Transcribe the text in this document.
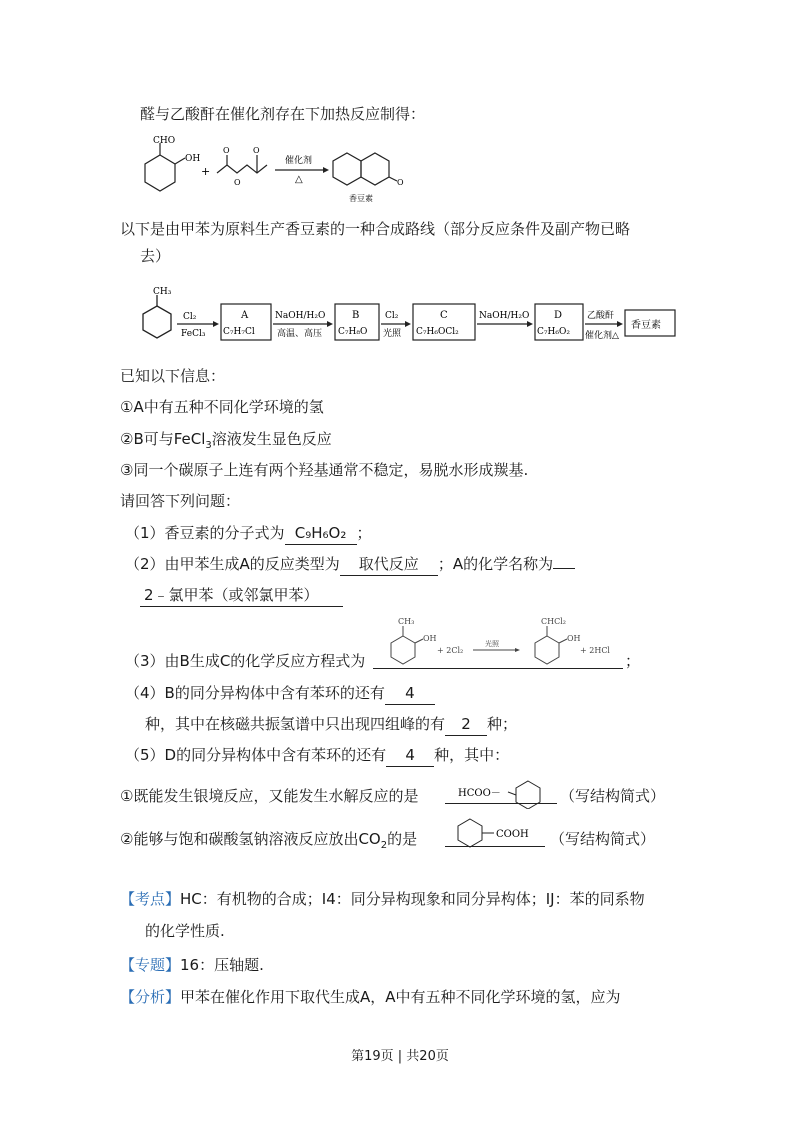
醛与乙酸酐在催化剂存在下加热反应制得：
CHO
OH
+
O
O	O
催化剂
△	O
香豆素
以下是由甲苯为原料生产香豆素的一种合成路线（部分反应条件及副产物已略
去）
CH₃
Cl₂
FeCl₃
A
C₇H₇Cl
NaOH/H₂O
高温、高压
B
C₇H₈O
Cl₂
光照
C
C₇H₆OCl₂
NaOH/H₂O D
C₇H₆O₂
乙酸酐
催化剂△
香豆素
已知以下信息：
①A中有五种不同化学环境的氢
②B可与FeCl$_3$溶液发生显色反应
③同一个碳原子上连有两个羟基通常不稳定，易脱水形成羰基.
请回答下列问题：
（1）香豆素的分子式为 C₉H₆O₂ ；
（2）由甲苯生成A的反应类型为 取代反应 ；A的化学名称为
2﹣氯甲苯（或邻氯甲苯）
（3）由B生成C的化学反应方程式为
CH₃
OH
+ 2Cl₂
光照
CHCl₂
OH
+ 2HCl
；
（4）B的同分异构体中含有苯环的还有 4
种，其中在核磁共振氢谱中只出现四组峰的有 2 种；
（5）D的同分异构体中含有苯环的还有 4 种，其中：
①既能发生银境反应，又能发生水解反应的是	HCOO－	（写结构简式）
②能够与饱和碳酸氢钠溶液反应放出$CO_2$的是	COOH （写结构简式）
【考点】HC：有机物的合成；I4：同分异构现象和同分异构体；IJ：苯的同系物
的化学性质.
【专题】16：压轴题.
【分析】甲苯在催化作用下取代生成A，A中有五种不同化学环境的氢，应为
第19页 | 共20页
